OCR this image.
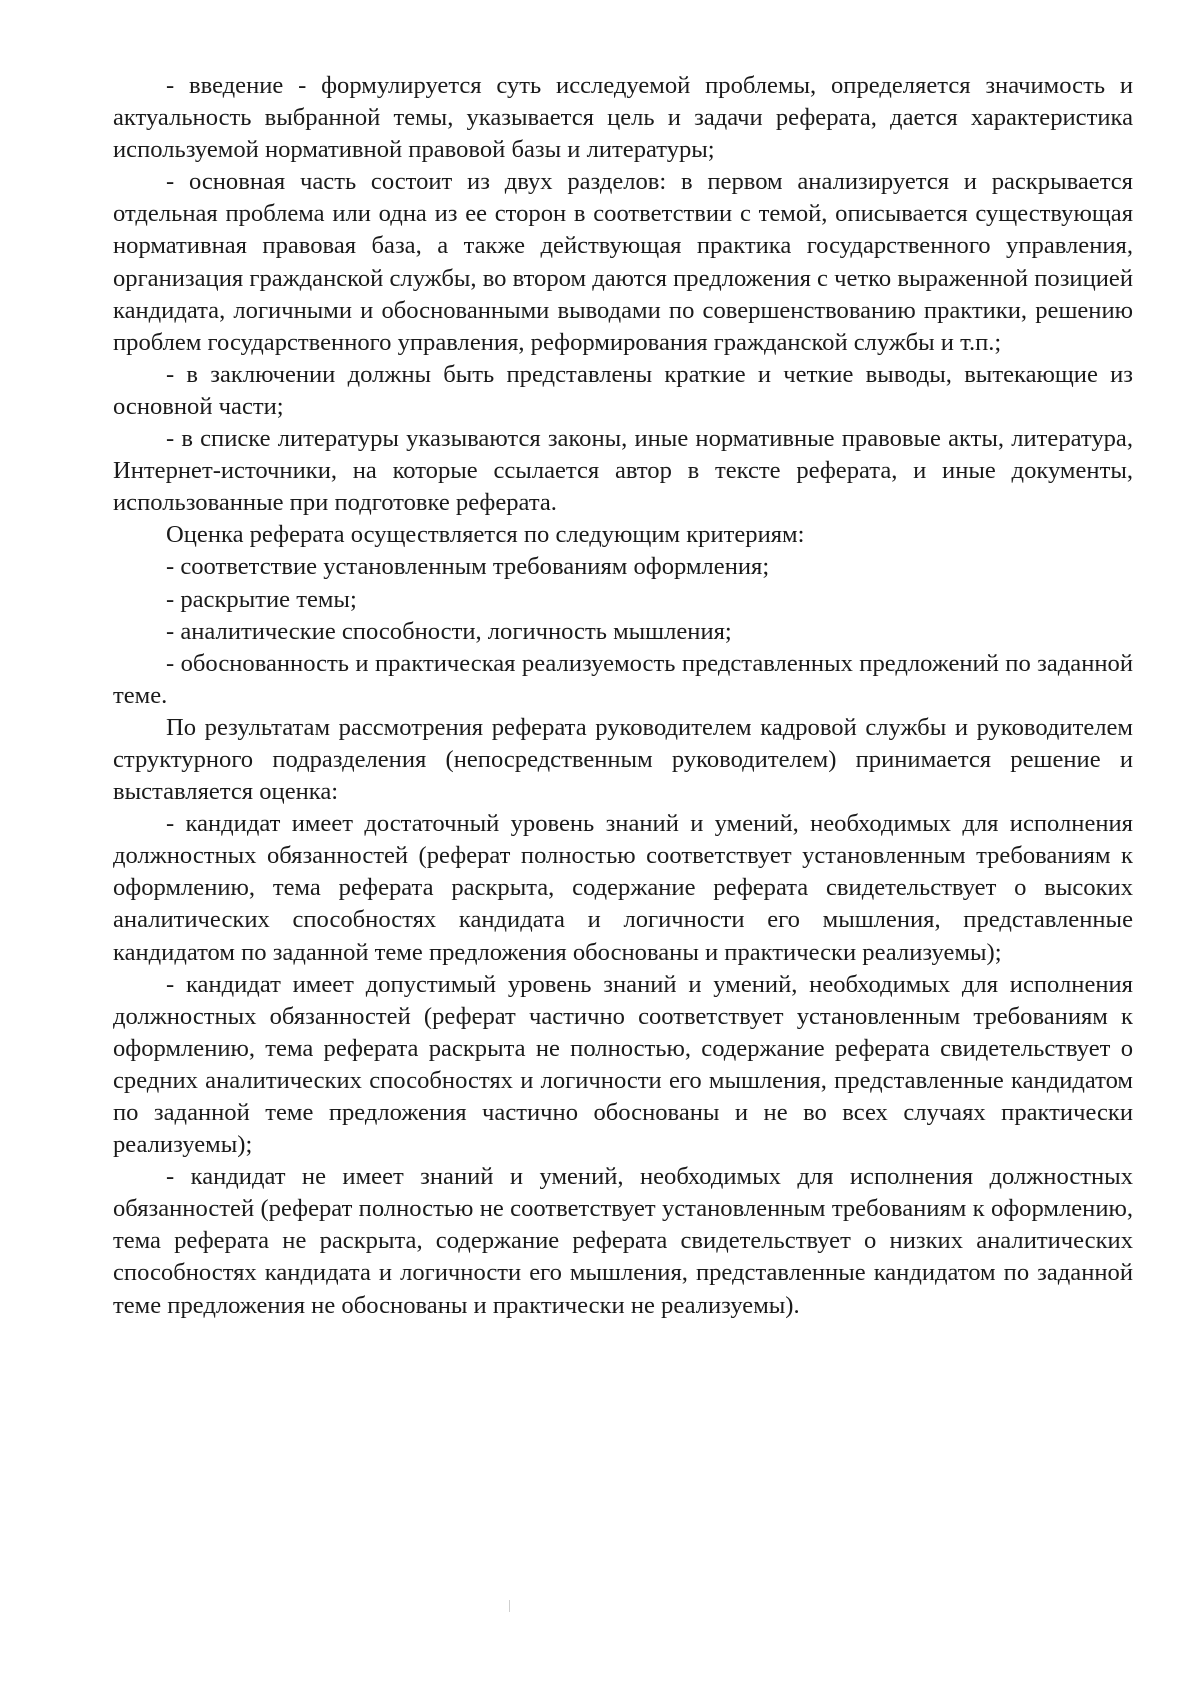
- введение - формулируется суть исследуемой проблемы, определяется значимость и актуальность выбранной темы, указывается цель и задачи реферата, дается характеристика используемой нормативной правовой базы и литературы;

- основная часть состоит из двух разделов: в первом анализируется и раскрывается отдельная проблема или одна из ее сторон в соответствии с темой, описывается существующая нормативная правовая база, а также действующая практика государственного управления, организация гражданской службы, во втором даются предложения с четко выраженной позицией кандидата, логичными и обоснованными выводами по совершенствованию практики, решению проблем государственного управления, реформирования гражданской службы и т.п.;

- в заключении должны быть представлены краткие и четкие выводы, вытекающие из основной части;

- в списке литературы указываются законы, иные нормативные правовые акты, литература, Интернет-источники, на которые ссылается автор в тексте реферата, и иные документы, использованные при подготовке реферата.

Оценка реферата осуществляется по следующим критериям:

- соответствие установленным требованиям оформления;

- раскрытие темы;

- аналитические способности, логичность мышления;

- обоснованность и практическая реализуемость представленных предложений по заданной теме.

По результатам рассмотрения реферата руководителем кадровой службы и руководителем структурного подразделения (непосредственным руководителем) принимается решение и выставляется оценка:

- кандидат имеет достаточный уровень знаний и умений, необходимых для исполнения должностных обязанностей (реферат полностью соответствует установленным требованиям к оформлению, тема реферата раскрыта, содержание реферата свидетельствует о высоких аналитических способностях кандидата и логичности его мышления, представленные кандидатом по заданной теме предложения обоснованы и практически реализуемы);

- кандидат имеет допустимый уровень знаний и умений, необходимых для исполнения должностных обязанностей (реферат частично соответствует установленным требованиям к оформлению, тема реферата раскрыта не полностью, содержание реферата свидетельствует о средних аналитических способностях и логичности его мышления, представленные кандидатом по заданной теме предложения частично обоснованы и не во всех случаях практически реализуемы);

- кандидат не имеет знаний и умений, необходимых для исполнения должностных обязанностей (реферат полностью не соответствует установленным требованиям к оформлению, тема реферата не раскрыта, содержание реферата свидетельствует о низких аналитических способностях кандидата и логичности его мышления, представленные кандидатом по заданной теме предложения не обоснованы и практически не реализуемы).
